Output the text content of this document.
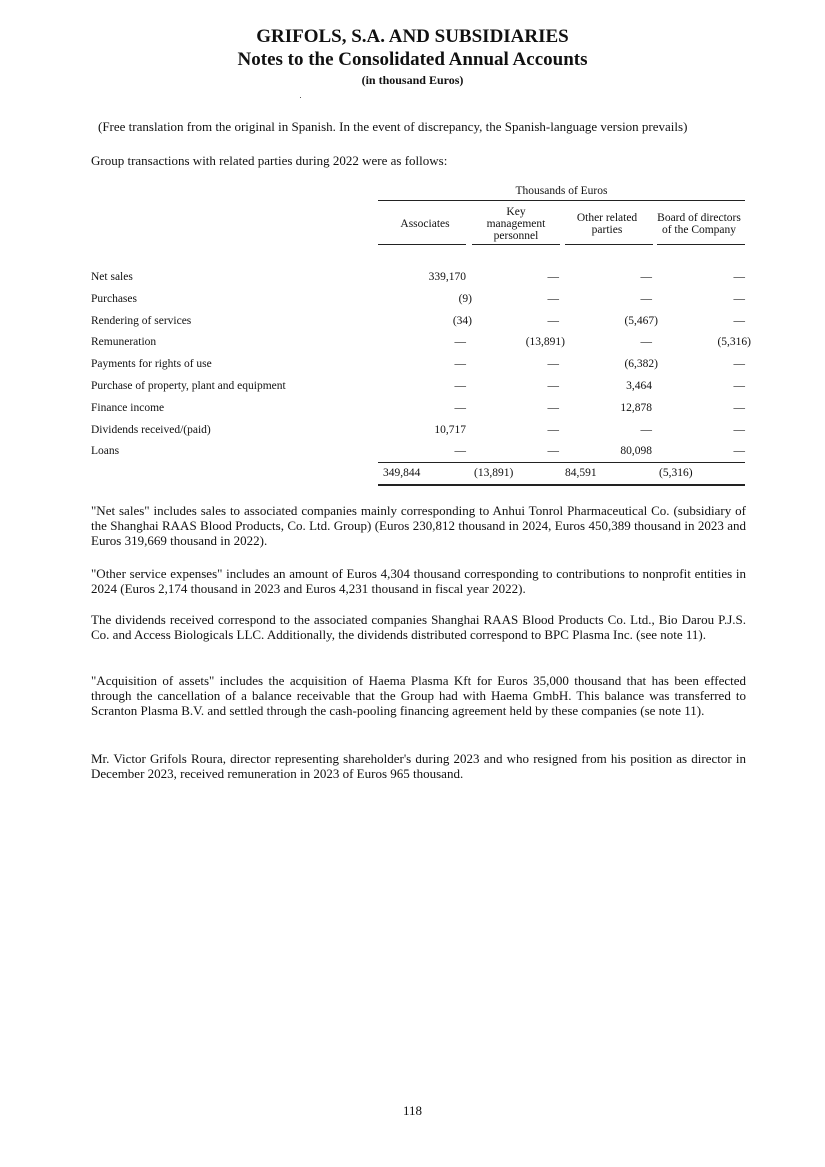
GRIFOLS, S.A. AND SUBSIDIARIES
Notes to the Consolidated Annual Accounts
(in thousand Euros)
(Free translation from the original in Spanish. In the event of discrepancy, the Spanish-language version prevails)
Group transactions with related parties during 2022 were as follows:
Thousands of Euros
Associates
Key management personnel
Other related parties
Board of directors of the Company
Net sales	339,170	—	—	—
Purchases	(9)	—	—	—
Rendering of services	(34)	—	(5,467)	—
Remuneration	—	(13,891)	—	(5,316)
Payments for rights of use	—	—	(6,382)	—
Purchase of property, plant and equipment	—	—	3,464	—
Finance income	—	—	12,878	—
Dividends received/(paid)	10,717	—	—	—
Loans	—	—	80,098	—
349,844	(13,891)	84,591	(5,316)

"Net sales" includes sales to associated companies mainly corresponding to Anhui Tonrol Pharmaceutical Co. (subsidiary of the Shanghai RAAS Blood Products, Co. Ltd. Group) (Euros 230,812 thousand in 2024, Euros 450,389 thousand in 2023 and Euros 319,669 thousand in 2022).

"Other service expenses" includes an amount of Euros 4,304 thousand corresponding to contributions to nonprofit entities in 2024 (Euros 2,174 thousand in 2023 and Euros 4,231 thousand in fiscal year 2022).

The dividends received correspond to the associated companies Shanghai RAAS Blood Products Co. Ltd., Bio Darou P.J.S. Co. and Access Biologicals LLC. Additionally, the dividends distributed correspond to BPC Plasma Inc. (see note 11).

"Acquisition of assets" includes the acquisition of Haema Plasma Kft for Euros 35,000 thousand that has been effected through the cancellation of a balance receivable that the Group had with Haema GmbH. This balance was transferred to Scranton Plasma B.V. and settled through the cash-pooling financing agreement held by these companies (se note 11).

Mr. Victor Grifols Roura, director representing shareholder's during 2023 and who resigned from his position as director in December 2023, received remuneration in 2023 of Euros 965 thousand.

118
